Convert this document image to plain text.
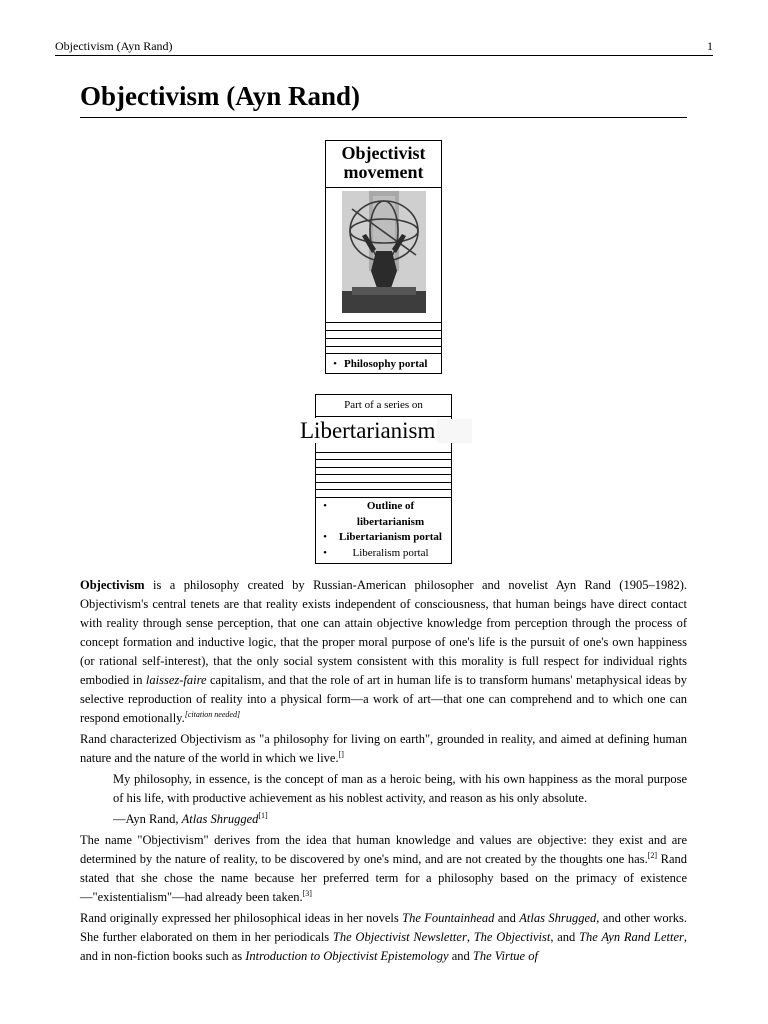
Objectivism (Ayn Rand)	1
Objectivism (Ayn Rand)
Objectivist movement
• Philosophy portal
Part of a series on
Libertarianism
•	Outline of libertarianism
•	Libertarianism portal
•	Liberalism portal

Objectivism is a philosophy created by Russian-American philosopher and novelist Ayn Rand (1905–1982). Objectivism's central tenets are that reality exists independent of consciousness, that human beings have direct contact with reality through sense perception, that one can attain objective knowledge from perception through the process of concept formation and inductive logic, that the proper moral purpose of one's life is the pursuit of one's own happiness (or rational self-interest), that the only social system consistent with this morality is full respect for individual rights embodied in laissez-faire capitalism, and that the role of art in human life is to transform humans' metaphysical ideas by selective reproduction of reality into a physical form—a work of art—that one can comprehend and to which one can respond emotionally.[citation needed]

Rand characterized Objectivism as "a philosophy for living on earth", grounded in reality, and aimed at defining human nature and the nature of the world in which we live.[]

My philosophy, in essence, is the concept of man as a heroic being, with his own happiness as the moral purpose of his life, with productive achievement as his noblest activity, and reason as his only absolute.
—Ayn Rand, Atlas Shrugged[1]

The name "Objectivism" derives from the idea that human knowledge and values are objective: they exist and are determined by the nature of reality, to be discovered by one's mind, and are not created by the thoughts one has.[2] Rand stated that she chose the name because her preferred term for a philosophy based on the primacy of existence—"existentialism"—had already been taken.[3]

Rand originally expressed her philosophical ideas in her novels The Fountainhead and Atlas Shrugged, and other works. She further elaborated on them in her periodicals The Objectivist Newsletter, The Objectivist, and The Ayn Rand Letter, and in non-fiction books such as Introduction to Objectivist Epistemology and The Virtue of
